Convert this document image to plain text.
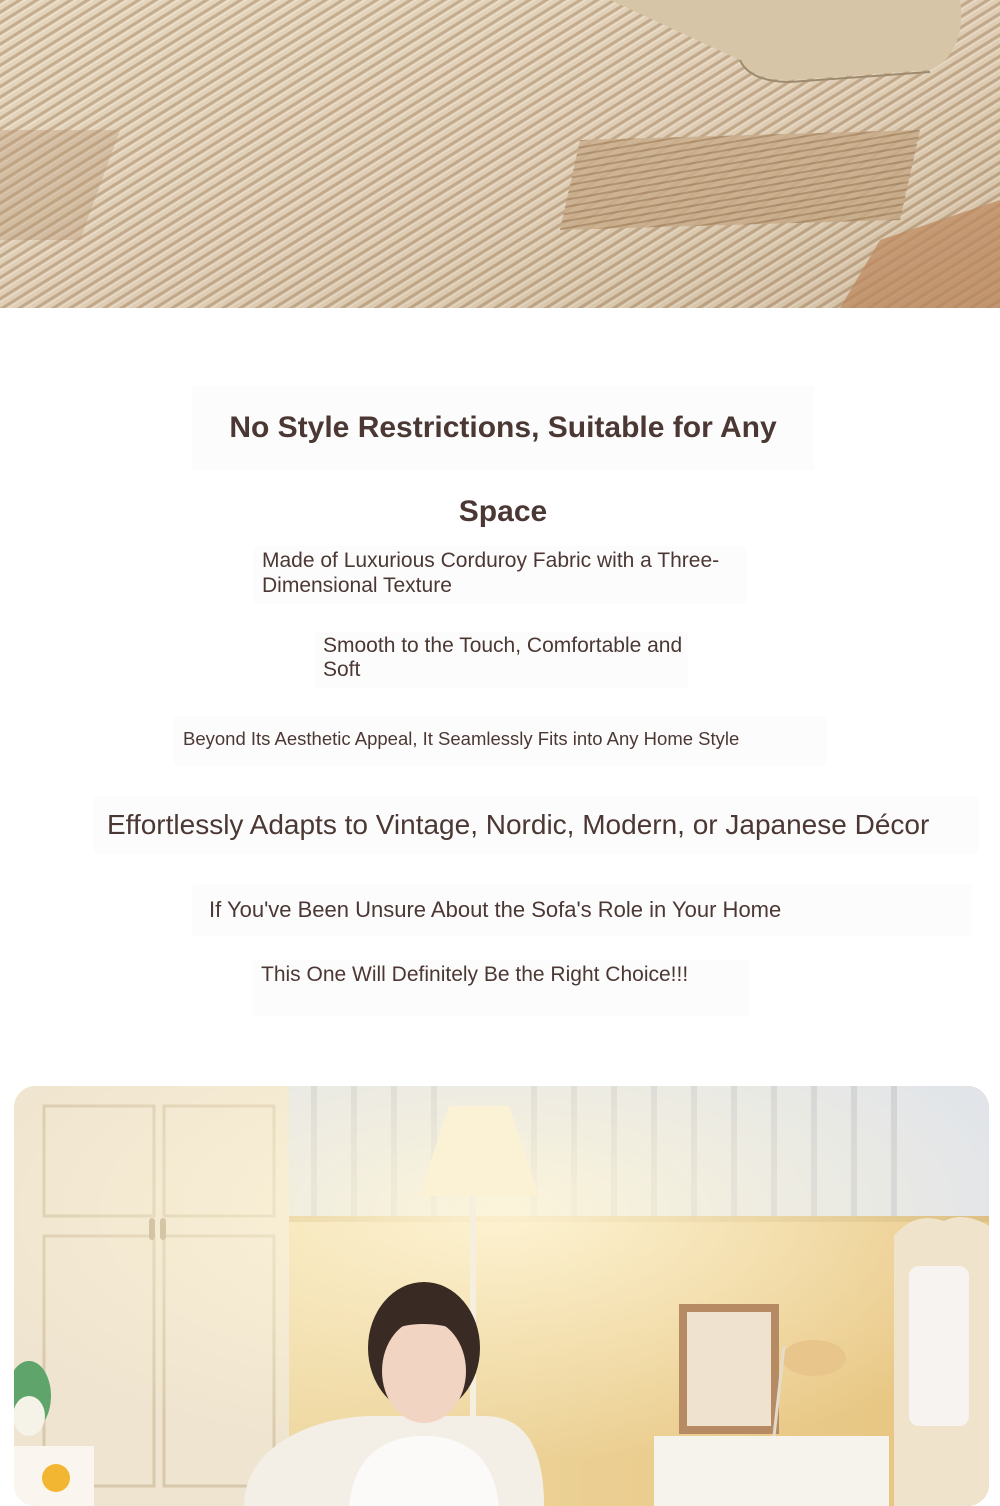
No Style Restrictions, Suitable for Any Space

Made of Luxurious Corduroy Fabric with a Three-Dimensional Texture

Smooth to the Touch, Comfortable and Soft

Beyond Its Aesthetic Appeal, It Seamlessly Fits into Any Home Style

Effortlessly Adapts to Vintage, Nordic, Modern, or Japanese Décor

If You've Been Unsure About the Sofa's Role in Your Home

This One Will Definitely Be the Right Choice!!!
